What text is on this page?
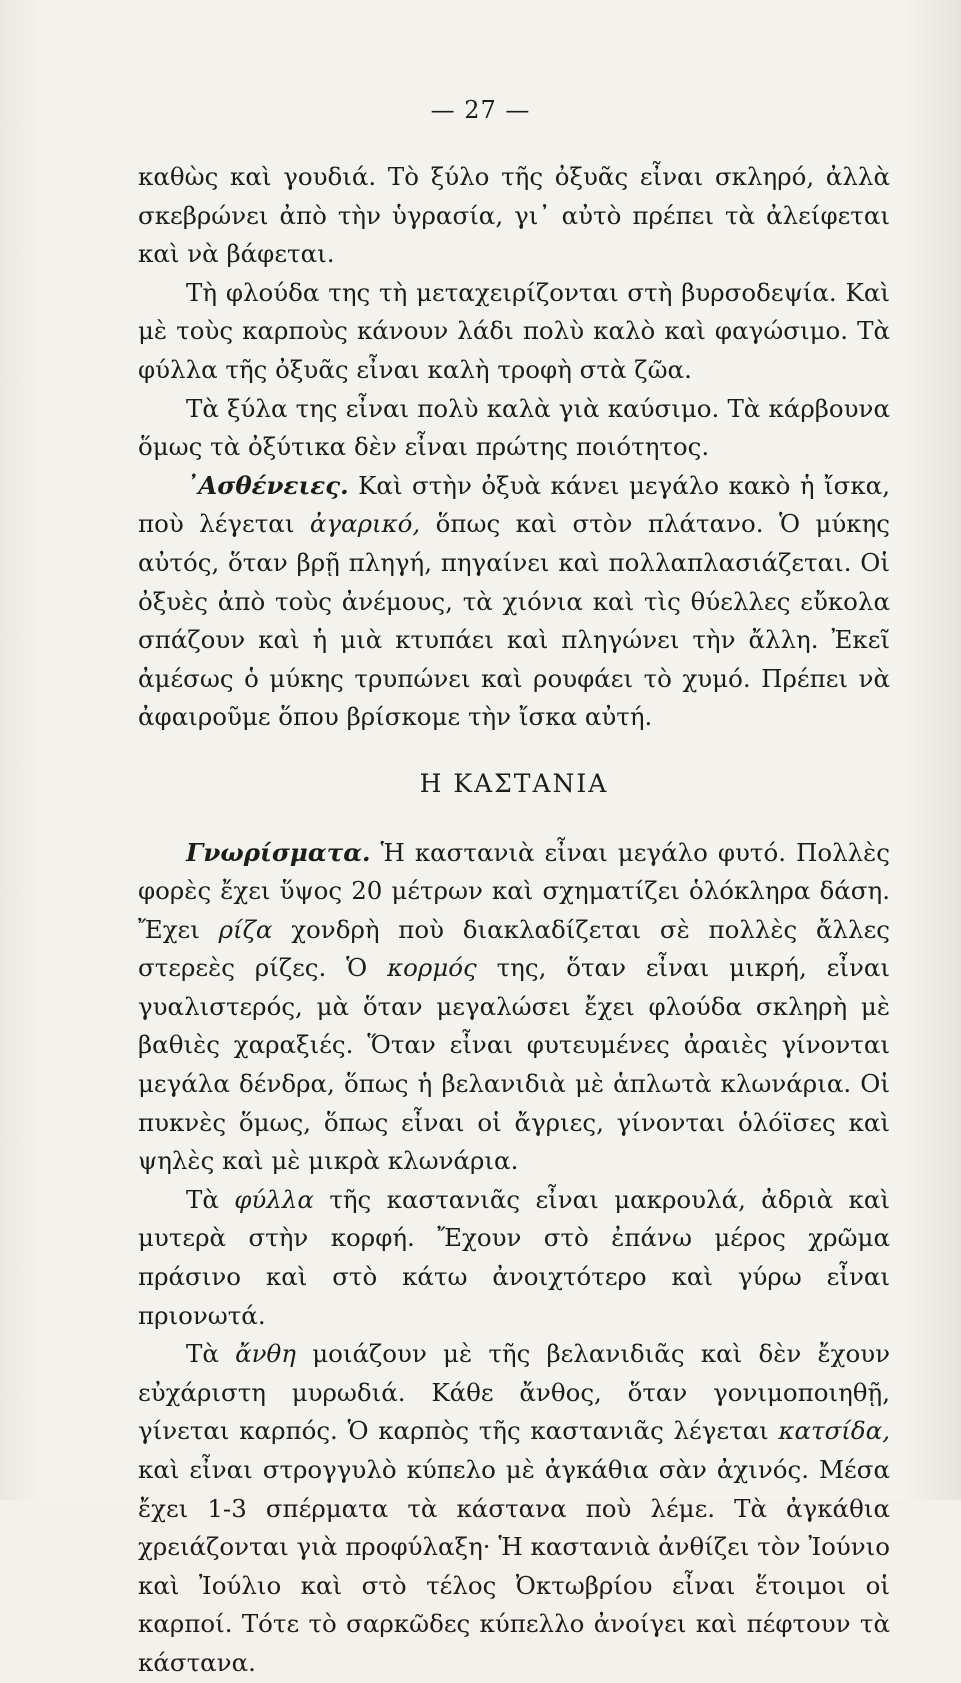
— 27 —

καθὼς καὶ γουδιά. Τὸ ξύλο τῆς ὀξυᾶς εἶναι σκληρό, ἀλλὰ σκεβρώνει ἀπὸ τὴν ὑγρασία, γι᾿ αὐτὸ πρέπει τὰ ἀλείφεται καὶ νὰ βάφεται.

Τὴ φλούδα της τὴ μεταχειρίζονται στὴ βυρσοδεψία. Καὶ μὲ τοὺς καρποὺς κάνουν λάδι πολὺ καλὸ καὶ φαγώσιμο. Τὰ φύλλα τῆς ὀξυᾶς εἶναι καλὴ τροφὴ στὰ ζῶα.

Τὰ ξύλα της εἶναι πολὺ καλὰ γιὰ καύσιμο. Τὰ κάρβουνα ὅμως τὰ ὀξύτικα δὲν εἶναι πρώτης ποιότητος.

᾿Ασθένειες. Καὶ στὴν ὀξυὰ κάνει μεγάλο κακὸ ἡ ἴσκα, ποὺ λέγεται ἀγαρικό, ὅπως καὶ στὸν πλάτανο. Ὁ μύκης αὐτός, ὅταν βρῇ πληγή, πηγαίνει καὶ πολλαπλασιάζεται. Οἱ ὀξυὲς ἀπὸ τοὺς ἀνέμους, τὰ χιόνια καὶ τὶς θύελλες εὔκολα σπάζουν καὶ ἡ μιὰ κτυπάει καὶ πληγώνει τὴν ἄλλη. Ἐκεῖ ἀμέσως ὁ μύκης τρυπώνει καὶ ρουφάει τὸ χυμό. Πρέπει νὰ ἀφαιροῦμε ὅπου βρίσκομε τὴν ἴσκα αὐτή.

Η ΚΑΣΤΑΝΙΑ

Γνωρίσματα. Ἡ καστανιὰ εἶναι μεγάλο φυτό. Πολλὲς φορὲς ἔχει ὕψος 20 μέτρων καὶ σχηματίζει ὁλόκληρα δάση. Ἔχει ρίζα χονδρὴ ποὺ διακλαδίζεται σὲ πολλὲς ἄλλες στερεὲς ρίζες. Ὁ κορμός της, ὅταν εἶναι μικρή, εἶναι γυαλιστερός, μὰ ὅταν μεγαλώσει ἔχει φλούδα σκληρὴ μὲ βαθιὲς χαραξιές. Ὅταν εἶναι φυτευμένες ἀραιὲς γίνονται μεγάλα δένδρα, ὅπως ἡ βελανιδιὰ μὲ ἁπλωτὰ κλωνάρια. Οἱ πυκνὲς ὅμως, ὅπως εἶναι οἱ ἄγριες, γίνονται ὁλόϊσες καὶ ψηλὲς καὶ μὲ μικρὰ κλωνάρια.

Τὰ φύλλα τῆς καστανιᾶς εἶναι μακρουλά, ἀδριὰ καὶ μυτερὰ στὴν κορφή. Ἔχουν στὸ ἐπάνω μέρος χρῶμα πράσινο καὶ στὸ κάτω ἀνοιχτότερο καὶ γύρω εἶναι πριονωτά.

Τὰ ἄνθη μοιάζουν μὲ τῆς βελανιδιᾶς καὶ δὲν ἔχουν εὐχάριστη μυρωδιά. Κάθε ἄνθος, ὅταν γονιμοποιηθῇ, γίνεται καρπός. Ὁ καρπὸς τῆς καστανιᾶς λέγεται κατσίδα, καὶ εἶναι στρογγυλὸ κύπελο μὲ ἀγκάθια σὰν ἀχινός. Μέσα ἔχει 1-3 σπέρματα τὰ κάστανα ποὺ λέμε. Τὰ ἀγκάθια χρειάζονται γιὰ προφύλαξη· Ἡ καστανιὰ ἀνθίζει τὸν Ἰούνιο καὶ Ἰούλιο καὶ στὸ τέλος Ὀκτωβρίου εἶναι ἕτοιμοι οἱ καρποί. Τότε τὸ σαρκῶδες κύπελλο ἀνοίγει καὶ πέφτουν τὰ κάστανα.
